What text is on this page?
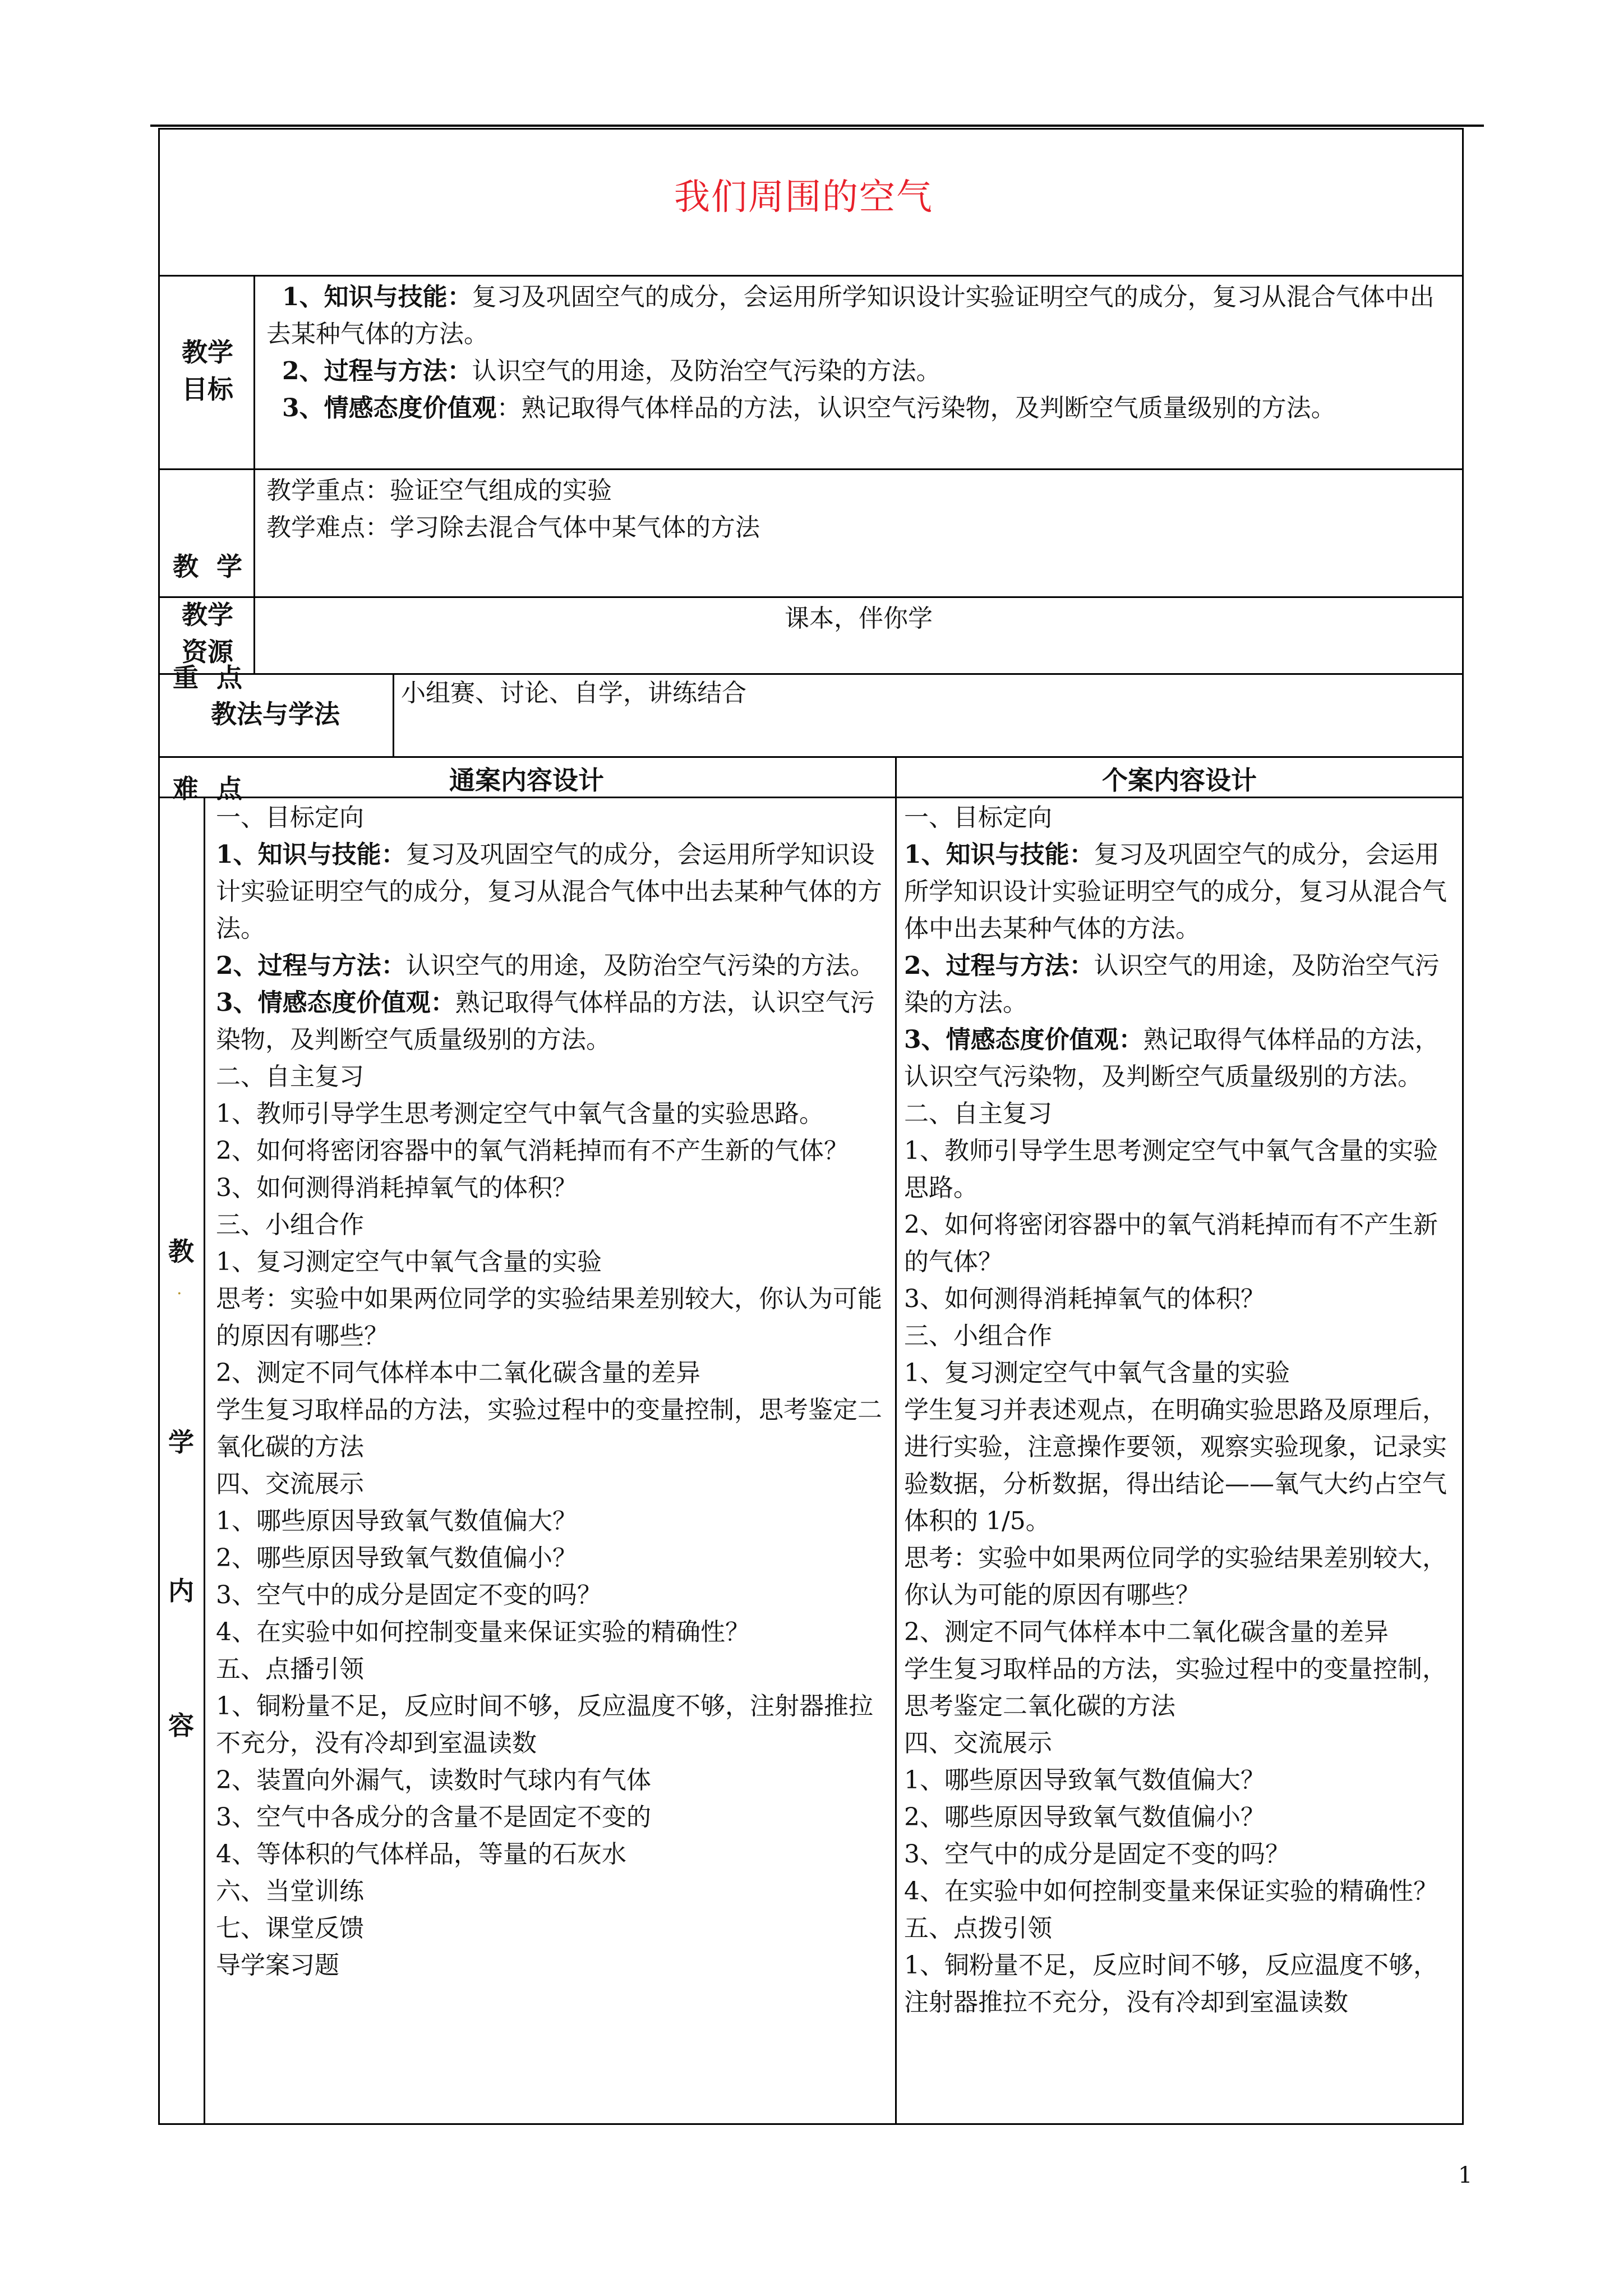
我们周围的空气
教学
目标

1、知识与技能：复习及巩固空气的成分，会运用所学知识设计实验证明空气的成分，复习从混合气体中出去某种气体的方法。

2、过程与方法：认识空气的用途，及防治空气污染的方法。

3、情感态度价值观：熟记取得气体样品的方法，认识空气污染物，及判断空气质量级别的方法。

教  学

重  点

难  点

教学重点：验证空气组成的实验
教学难点：学习除去混合气体中某气体的方法
教学
资源
课本，伴你学
教法与学法
小组赛、讨论、自学，讲练结合
通案内容设计	个案内容设计
教
.
学
内
容

一、目标定向

1、知识与技能：复习及巩固空气的成分，会运用所学知识设计实验证明空气的成分，复习从混合气体中出去某种气体的方法。

2、过程与方法：认识空气的用途，及防治空气污染的方法。

3、情感态度价值观：熟记取得气体样品的方法，认识空气污染物，及判断空气质量级别的方法。

二、自主复习

1、教师引导学生思考测定空气中氧气含量的实验思路。

2、如何将密闭容器中的氧气消耗掉而有不产生新的气体？

3、如何测得消耗掉氧气的体积？

三、小组合作

1、复习测定空气中氧气含量的实验

思考：实验中如果两位同学的实验结果差别较大，你认为可能的原因有哪些？

2、测定不同气体样本中二氧化碳含量的差异

学生复习取样品的方法，实验过程中的变量控制，思考鉴定二氧化碳的方法

四、交流展示

1、哪些原因导致氧气数值偏大？

2、哪些原因导致氧气数值偏小？

3、空气中的成分是固定不变的吗？

4、在实验中如何控制变量来保证实验的精确性？

五、点播引领

1、铜粉量不足，反应时间不够，反应温度不够，注射器推拉不充分，没有冷却到室温读数

2、装置向外漏气，读数时气球内有气体

3、空气中各成分的含量不是固定不变的

4、等体积的气体样品，等量的石灰水

六、当堂训练

七、课堂反馈

导学案习题

一、目标定向

1、知识与技能：复习及巩固空气的成分，会运用所学知识设计实验证明空气的成分，复习从混合气体中出去某种气体的方法。

2、过程与方法：认识空气的用途，及防治空气污染的方法。

3、情感态度价值观：熟记取得气体样品的方法，认识空气污染物，及判断空气质量级别的方法。

二、自主复习

1、教师引导学生思考测定空气中氧气含量的实验思路。

2、如何将密闭容器中的氧气消耗掉而有不产生新的气体？

3、如何测得消耗掉氧气的体积？

三、小组合作

1、复习测定空气中氧气含量的实验

学生复习并表述观点，在明确实验思路及原理后，进行实验，注意操作要领，观察实验现象，记录实验数据，分析数据，得出结论——氧气大约占空气体积的 1/5。

思考：实验中如果两位同学的实验结果差别较大，你认为可能的原因有哪些？

2、测定不同气体样本中二氧化碳含量的差异

学生复习取样品的方法，实验过程中的变量控制，思考鉴定二氧化碳的方法

四、交流展示

1、哪些原因导致氧气数值偏大？

2、哪些原因导致氧气数值偏小？

3、空气中的成分是固定不变的吗？

4、在实验中如何控制变量来保证实验的精确性？

五、点拨引领

1、铜粉量不足，反应时间不够，反应温度不够，注射器推拉不充分，没有冷却到室温读数

1
